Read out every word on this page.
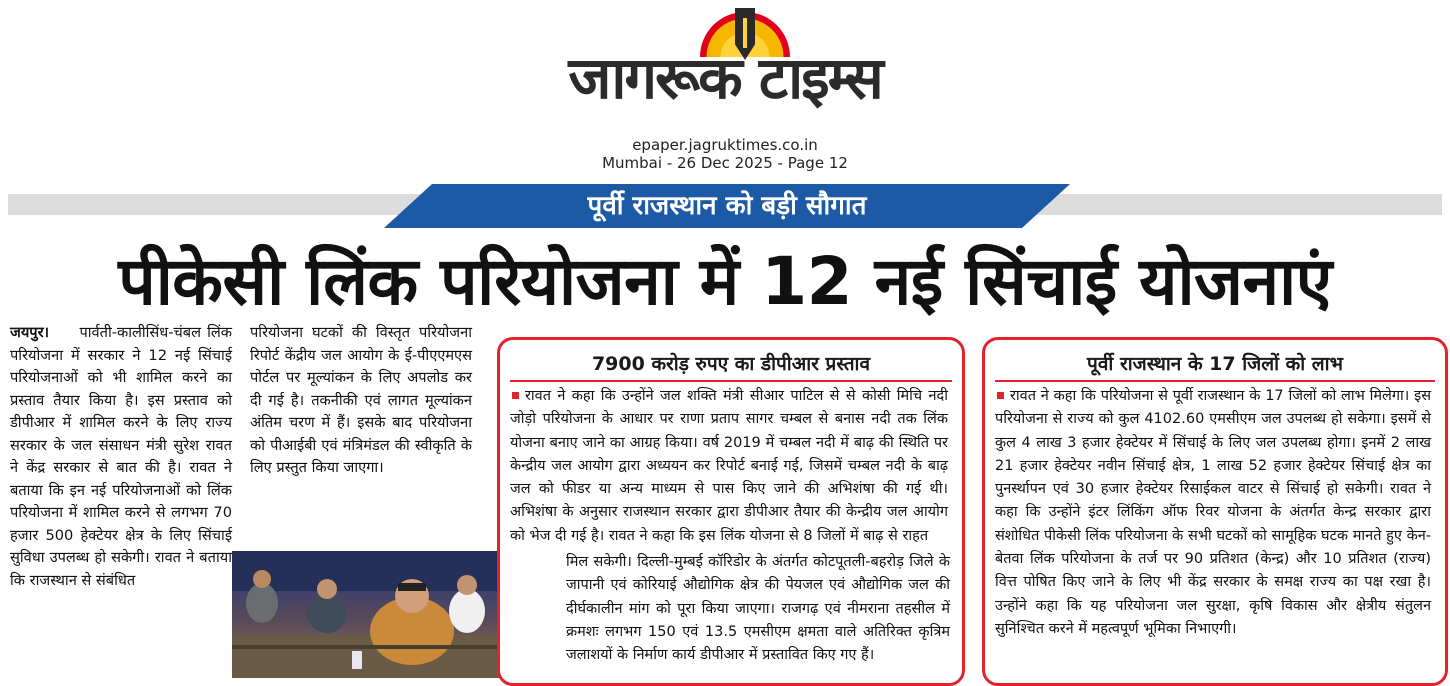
जागरूक टाइम्स
epaper.jagruktimes.co.in
Mumbai - 26 Dec 2025 - Page 12
पूर्वी राजस्थान को बड़ी सौगात
पीकेसी लिंक परियोजना में 12 नई सिंचाई योजनाएं
जयपुर। पार्वती-कालीसिंध-चंबल लिंक परियोजना में सरकार ने 12 नई सिंचाई परियोजनाओं को भी शामिल करने का प्रस्ताव तैयार किया है। इस प्रस्ताव को डीपीआर में शामिल करने के लिए राज्य सरकार के जल संसाधन मंत्री सुरेश रावत ने केंद्र सरकार से बात की है। रावत ने बताया कि इन नई परियोजनाओं को लिंक परियोजना में शामिल करने से लगभग 70 हजार 500 हेक्टेयर क्षेत्र के लिए सिंचाई सुविधा उपलब्ध हो सकेगी। रावत ने बताया कि राजस्थान से संबंधित
परियोजना घटकों की विस्तृत परियोजना रिपोर्ट केंद्रीय जल आयोग के ई-पीएएमएस पोर्टल पर मूल्यांकन के लिए अपलोड कर दी गई है। तकनीकी एवं लागत मूल्यांकन अंतिम चरण में हैं। इसके बाद परियोजना को पीआईबी एवं मंत्रिमंडल की स्वीकृति के लिए प्रस्तुत किया जाएगा।
7900 करोड़ रुपए का डीपीआर प्रस्ताव
रावत ने कहा कि उन्होंने जल शक्ति मंत्री सीआर पाटिल से से कोसी मिचि नदी जोड़ो परियोजना के आधार पर राणा प्रताप सागर चम्बल से बनास नदी तक लिंक योजना बनाए जाने का आग्रह किया। वर्ष 2019 में चम्बल नदी में बाढ़ की स्थिति पर केन्द्रीय जल आयोग द्वारा अध्ययन कर रिपोर्ट बनाई गई, जिसमें चम्बल नदी के बाढ़ जल को फीडर या अन्य माध्यम से पास किए जाने की अभिशंषा की गई थी। अभिशंषा के अनुसार राजस्थान सरकार द्वारा डीपीआर तैयार की केन्द्रीय जल आयोग को भेज दी गई है। रावत ने कहा कि इस लिंक योजना से 8 जिलों में बाढ़ से राहत
मिल सकेगी। दिल्ली-मुम्बई कॉरिडोर के अंतर्गत कोटपूतली-बहरोड़ जिले के जापानी एवं कोरियाई औद्योगिक क्षेत्र की पेयजल एवं औद्योगिक जल की दीर्घकालीन मांग को पूरा किया जाएगा। राजगढ़ एवं नीमराना तहसील में क्रमशः लगभग 150 एवं 13.5 एमसीएम क्षमता वाले अतिरिक्त कृत्रिम जलाशयों के निर्माण कार्य डीपीआर में प्रस्तावित किए गए हैं।
पूर्वी राजस्थान के 17 जिलों को लाभ
रावत ने कहा कि परियोजना से पूर्वी राजस्थान के 17 जिलों को लाभ मिलेगा। इस परियोजना से राज्य को कुल 4102.60 एमसीएम जल उपलब्ध हो सकेगा। इसमें से कुल 4 लाख 3 हजार हेक्टेयर में सिंचाई के लिए जल उपलब्ध होगा। इनमें 2 लाख 21 हजार हेक्टेयर नवीन सिंचाई क्षेत्र, 1 लाख 52 हजार हेक्टेयर सिंचाई क्षेत्र का पुनर्स्थापन एवं 30 हजार हेक्टेयर रिसाईकल वाटर से सिंचाई हो सकेगी। रावत ने कहा कि उन्होंने इंटर लिंकिंग ऑफ रिवर योजना के अंतर्गत केन्द्र सरकार द्वारा संशोधित पीकेसी लिंक परियोजना के सभी घटकों को सामूहिक घटक मानते हुए केन-बेतवा लिंक परियोजना के तर्ज पर 90 प्रतिशत (केन्द्र) और 10 प्रतिशत (राज्य) वित्त पोषित किए जाने के लिए भी केंद्र सरकार के समक्ष राज्य का पक्ष रखा है। उन्होंने कहा कि यह परियोजना जल सुरक्षा, कृषि विकास और क्षेत्रीय संतुलन सुनिश्चित करने में महत्वपूर्ण भूमिका निभाएगी।
